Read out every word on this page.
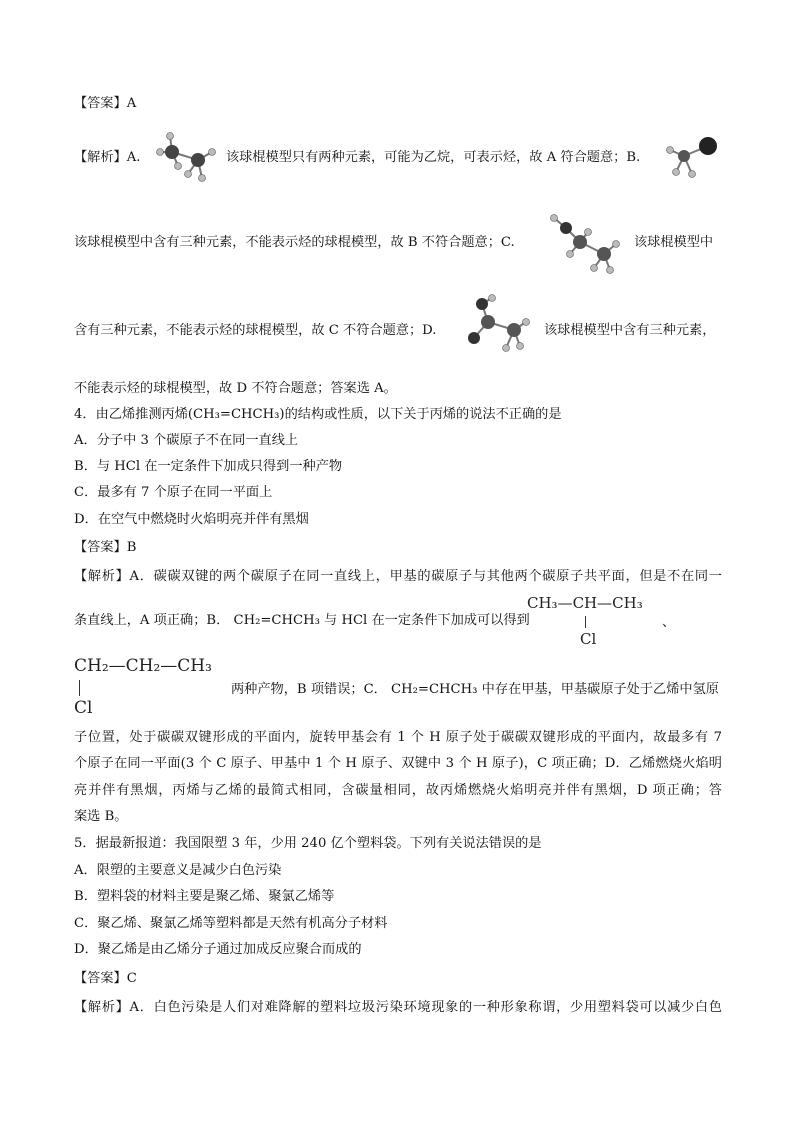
【答案】A
【解析】A.	该球棍模型只有两种元素，可能为乙烷，可表示烃，故 A 符合题意；B.
该球棍模型中含有三种元素，不能表示烃的球棍模型，故 B 不符合题意；C.	该球棍模型中
含有三种元素，不能表示烃的球棍模型，故 C 不符合题意；D.	该球棍模型中含有三种元素，
不能表示烃的球棍模型，故 D 不符合题意；答案选 A。
4．由乙烯推测丙烯(CH₃=CHCH₃)的结构或性质，以下关于丙烯的说法不正确的是
A．分子中 3 个碳原子不在同一直线上
B．与 HCl 在一定条件下加成只得到一种产物
C．最多有 7 个原子在同一平面上
D．在空气中燃烧时火焰明亮并伴有黑烟
【答案】B
【解析】A．碳碳双键的两个碳原子在同一直线上，甲基的碳原子与其他两个碳原子共平面，但是不在同一
条直线上，A 项正确；B． CH₂=CHCH₃ 与 HCl 在一定条件下加成可以得到
CH₃—CH—CH₃
Cl
、
CH₂—CH₂—CH₃
Cl
两种产物，B 项错误；C． CH₂=CHCH₃ 中存在甲基，甲基碳原子处于乙烯中氢原
子位置，处于碳碳双键形成的平面内，旋转甲基会有 1 个 H 原子处于碳碳双键形成的平面内，故最多有 7
个原子在同一平面(3 个 C 原子、甲基中 1 个 H 原子、双键中 3 个 H 原子)，C 项正确；D．乙烯燃烧火焰明
亮并伴有黑烟，丙烯与乙烯的最简式相同，含碳量相同，故丙烯燃烧火焰明亮并伴有黑烟，D 项正确；答
案选 B。
5．据最新报道：我国限塑 3 年，少用 240 亿个塑料袋。下列有关说法错误的是
A．限塑的主要意义是减少白色污染
B．塑料袋的材料主要是聚乙烯、聚氯乙烯等
C．聚乙烯、聚氯乙烯等塑料都是天然有机高分子材料
D．聚乙烯是由乙烯分子通过加成反应聚合而成的
【答案】C
【解析】A．白色污染是人们对难降解的塑料垃圾污染环境现象的一种形象称谓，少用塑料袋可以减少白色
